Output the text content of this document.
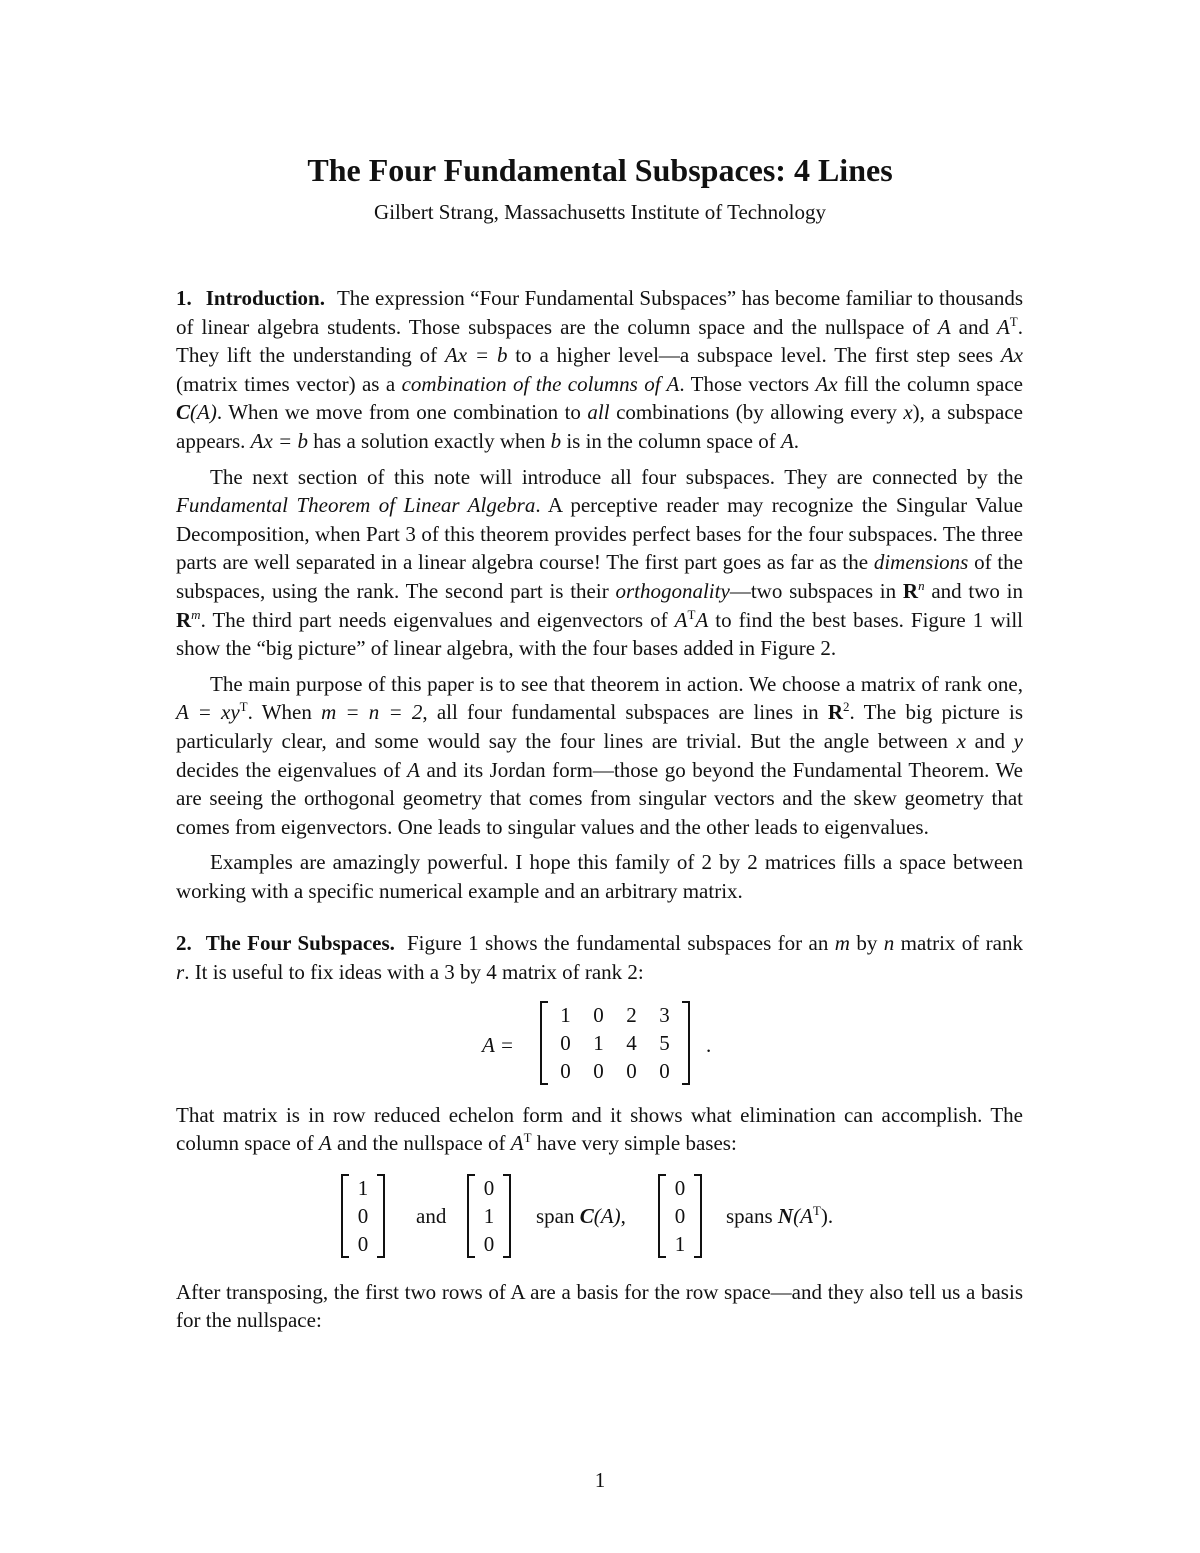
The Four Fundamental Subspaces: 4 Lines
Gilbert Strang, Massachusetts Institute of Technology

1. Introduction. The expression “Four Fundamental Subspaces” has become familiar to thousands of linear algebra students. Those subspaces are the column space and the nullspace of A and $A^T$. They lift the understanding of Ax = b to a higher level—a subspace level. The first step sees Ax (matrix times vector) as a combination of the columns of A. Those vectors Ax fill the column space C(A). When we move from one combination to all combinations (by allowing every x), a subspace appears. Ax = b has a solution exactly when b is in the column space of A.

The next section of this note will introduce all four subspaces. They are connected by the Fundamental Theorem of Linear Algebra. A perceptive reader may recognize the Singular Value Decomposition, when Part 3 of this theorem provides perfect bases for the four subspaces. The three parts are well separated in a linear algebra course! The first part goes as far as the dimensions of the subspaces, using the rank. The second part is their orthogonality—two subspaces in $R^n$ and two in $R^m$. The third part needs eigenvalues and eigenvectors of $A^TA$ to find the best bases. Figure 1 will show the “big picture” of linear algebra, with the four bases added in Figure 2.

The main purpose of this paper is to see that theorem in action. We choose a matrix of rank one, $A = xy^T$. When m = n = 2, all four fundamental subspaces are lines in $R^2$. The big picture is particularly clear, and some would say the four lines are trivial. But the angle between x and y decides the eigenvalues of A and its Jordan form—those go beyond the Fundamental Theorem. We are seeing the orthogonal geometry that comes from singular vectors and the skew geometry that comes from eigenvectors. One leads to singular values and the other leads to eigenvalues.

Examples are amazingly powerful. I hope this family of 2 by 2 matrices fills a space between working with a specific numerical example and an arbitrary matrix.

2. The Four Subspaces. Figure 1 shows the fundamental subspaces for an m by n matrix of rank r. It is useful to fix ideas with a 3 by 4 matrix of rank 2:

A =
1	0	2	3
0	1	4	5
0	0	0	0
.

That matrix is in row reduced echelon form and it shows what elimination can accomplish. The column space of A and the nullspace of $A^T$ have very simple bases:

1
0
0
and
0
1
0
span C(A),
0
0
1
spans $N(A^T)$.

After transposing, the first two rows of A are a basis for the row space—and they also tell us a basis for the nullspace:

1
